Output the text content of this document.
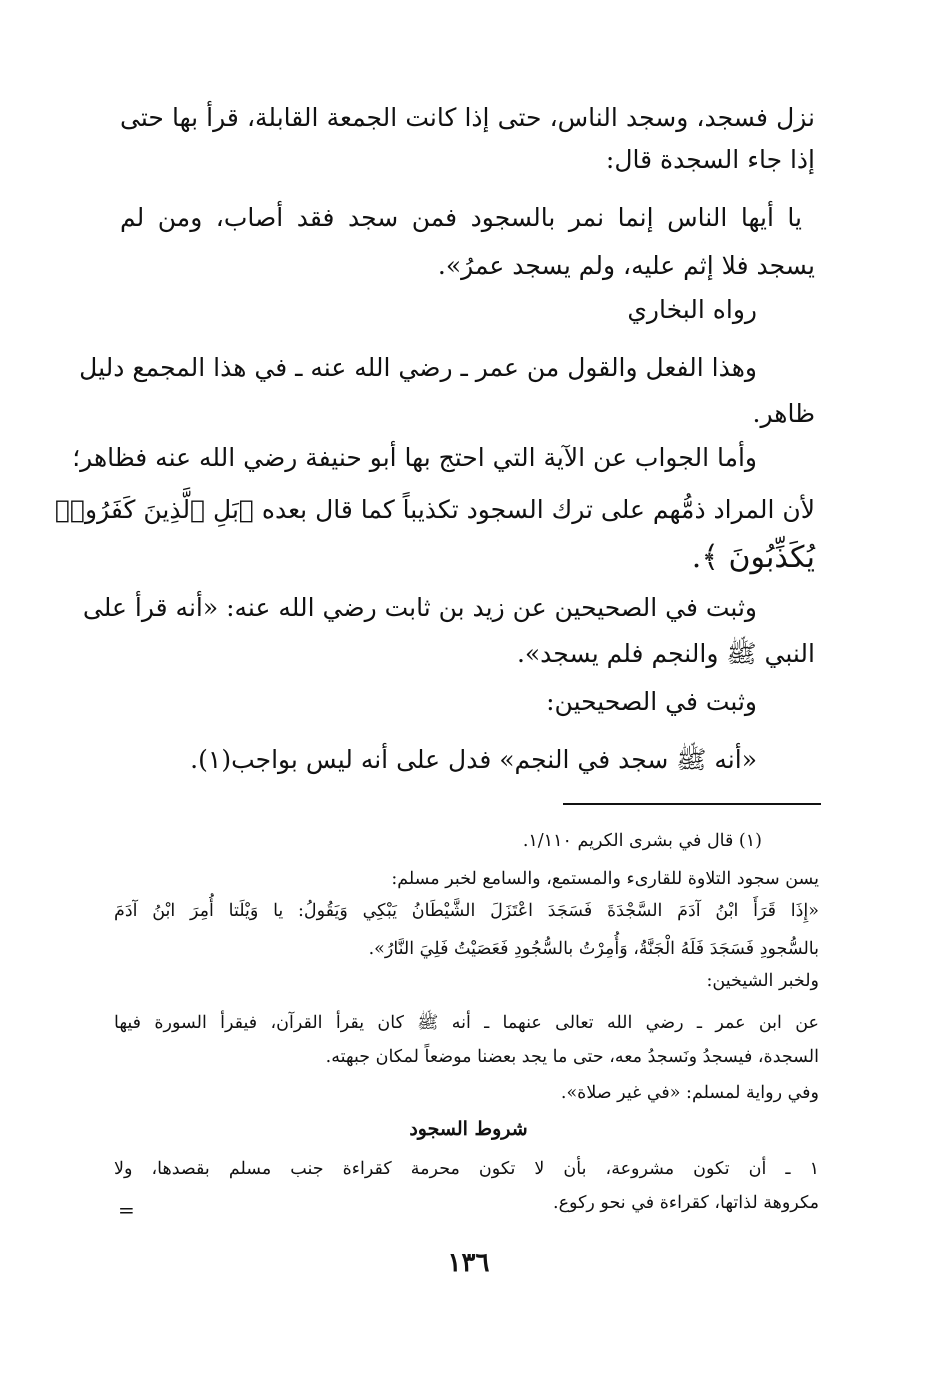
نزل فسجد، وسجد الناس، حتى إذا كانت الجمعة القابلة، قرأ بها حتى
إذا جاء السجدة قال:
يا أيها الناس إنما نمر بالسجود فمن سجد فقد أصاب، ومن لم
يسجد فلا إثم عليه، ولم يسجد عمرُ».
رواه البخاري
وهذا الفعل والقول من عمر ـ رضي الله عنه ـ في هذا المجمع دليل
ظاهر.
وأما الجواب عن الآية التي احتج بها أبو حنيفة رضي الله عنه فظاهر؛
لأن المراد ذمُّهم على ترك السجود تكذيباً كما قال بعده ﴿بَلِ ٱلَّذِينَ كَفَرُوا۟
يُكَذِّبُونَ ﴾.
وثبت في الصحيحين عن زيد بن ثابت رضي الله عنه: «أنه قرأ على
النبي ﷺ والنجم فلم يسجد».
وثبت في الصحيحين:
«أنه ﷺ سجد في النجم» فدل على أنه ليس بواجب(١).
(١) قال في بشرى الكريم ١/١١٠.
يسن سجود التلاوة للقارىء والمستمع، والسامع لخبر مسلم:
«إِذَا قَرَأَ ابْنُ آدَمَ السَّجْدَةَ فَسَجَدَ اعْتَزَلَ الشَّيْطَانُ يَبْكِي وَيَقُولُ: يا وَيْلَتا أُمِرَ ابْنُ آدَمَ
بالسُّجودِ فَسَجَدَ فَلَهُ الْجَنَّةُ، وَأُمِرْتُ بالسُّجُودِ فَعَصَيْتُ فَلِيَ النَّارُ».
ولخبر الشيخين:
عن ابن عمر ـ رضي الله تعالى عنهما ـ أنه ﷺ كان يقرأ القرآن، فيقرأ السورة فيها
السجدة، فيسجدُ ونَسجدُ معه، حتى ما يجد بعضنا موضعاً لمكان جبهته.
وفي رواية لمسلم: «في غير صلاة».
شروط السجود
١ ـ أن تكون مشروعة، بأن لا تكون محرمة كقراءة جنب مسلم بقصدها، ولا
مكروهة لذاتها، كقراءة في نحو ركوع.
=
١٣٦
